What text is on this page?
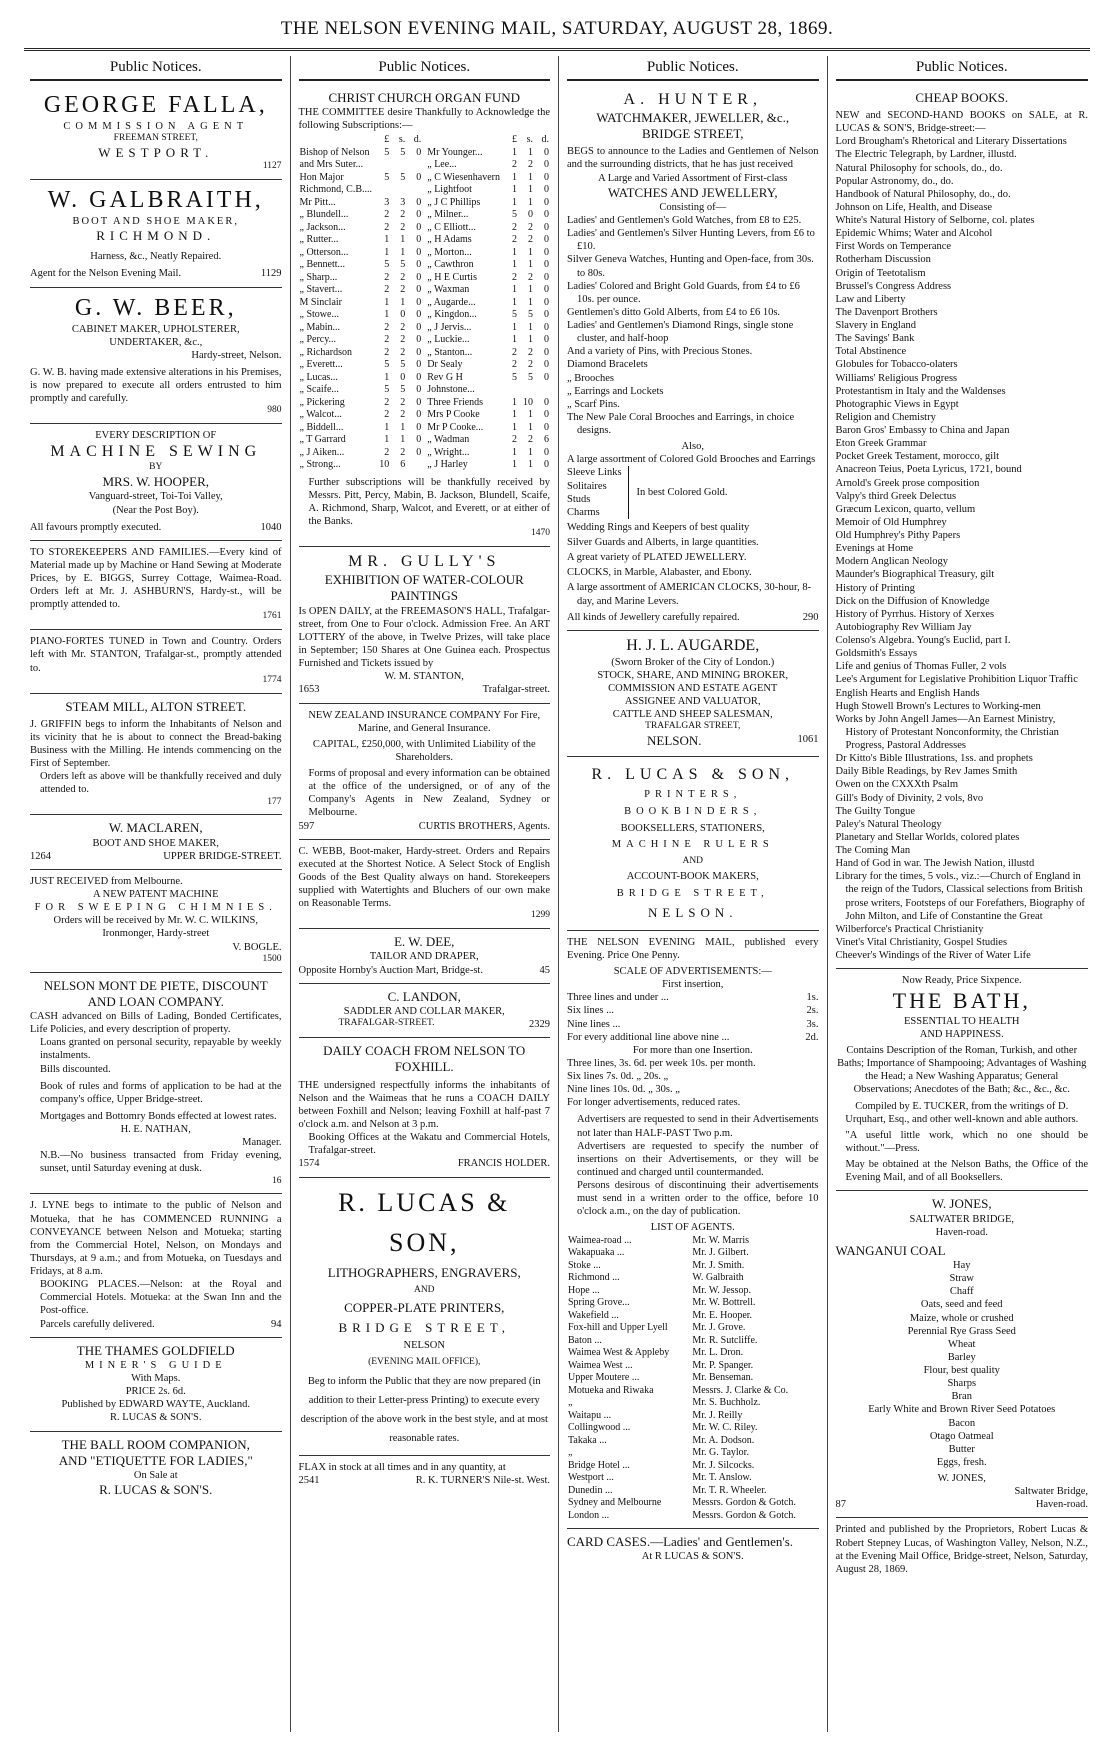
THE NELSON EVENING MAIL, SATURDAY, AUGUST 28, 1869.
Public Notices.
GEORGE FALLA,
COMMISSION AGENT
FREEMAN STREET,
WESTPORT.
1127
W. GALBRAITH,
BOOT AND SHOE MAKER,
RICHMOND.
Harness, &c., Neatly Repaired.
Agent for the Nelson Evening Mail.	1129
G. W. BEER,
CABINET MAKER, UPHOLSTERER,
UNDERTAKER, &c.,
Hardy-street, Nelson.
G. W. B. having made extensive alterations in his Premises, is now prepared to execute all orders entrusted to him promptly and carefully.
980
EVERY DESCRIPTION OF
MACHINE SEWING
BY
MRS. W. HOOPER,
Vanguard-street, Toi-Toi Valley,
(Near the Post Boy).
All favours promptly executed.	1040
TO STOREKEEPERS AND FAMILIES.—Every kind of Material made up by Machine or Hand Sewing at Moderate Prices, by E. BIGGS, Surrey Cottage, Waimea-Road. Orders left at Mr. J. ASHBURN'S, Hardy-st., will be promptly attended to.
1761
PIANO-FORTES TUNED in Town and Country. Orders left with Mr. STANTON, Trafalgar-st., promptly attended to.
1774
STEAM MILL, ALTON STREET.
J. GRIFFIN begs to inform the Inhabitants of Nelson and its vicinity that he is about to connect the Bread-baking Business with the Milling. He intends commencing on the First of September.
Orders left as above will be thankfully received and duly attended to.
177
W. MACLAREN,
BOOT AND SHOE MAKER,
1264	UPPER BRIDGE-STREET.
JUST RECEIVED from Melbourne.
A NEW PATENT MACHINE
FOR SWEEPING CHIMNIES.
Orders will be received by Mr. W. C. WILKINS, Ironmonger, Hardy-street
V. BOGLE.
1500
NELSON MONT DE PIETE, DISCOUNT AND LOAN COMPANY.
CASH advanced on Bills of Lading, Bonded Certificates, Life Policies, and every description of property.
Loans granted on personal security, repayable by weekly instalments.
Bills discounted.
Book of rules and forms of application to be had at the company's office, Upper Bridge-street.
Mortgages and Bottomry Bonds effected at lowest rates.
H. E. NATHAN,
Manager.
N.B.—No business transacted from Friday evening, sunset, until Saturday evening at dusk.
16
J. LYNE begs to intimate to the public of Nelson and Motueka, that he has COMMENCED RUNNING a CONVEYANCE between Nelson and Motueka; starting from the Commercial Hotel, Nelson, on Mondays and Thursdays, at 9 a.m.; and from Motueka, on Tuesdays and Fridays, at 8 a.m.
BOOKING PLACES.—Nelson: at the Royal and Commercial Hotels. Motueka: at the Swan Inn and the Post-office.
Parcels carefully delivered.	94
THE THAMES GOLDFIELD
MINER'S GUIDE
With Maps.
PRICE 2s. 6d.
Published by EDWARD WAYTE, Auckland.
R. LUCAS & SON'S.
THE BALL ROOM COMPANION,
AND "ETIQUETTE FOR LADIES,"
On Sale at
R. LUCAS & SON'S.
Public Notices.
CHRIST CHURCH ORGAN FUND
THE COMMITTEE desire Thankfully to Acknowledge the following Subscriptions:—
	£	s.	d.
Bishop of Nelson and Mrs Suter...	5	5	0
Hon Major Richmond, C.B....	5	5	0
Mr Pitt...	3	3	0
„ Blundell...	2	2	0
„ Jackson...	2	2	0
„ Rutter...	1	1	0
„ Otterson...	1	1	0
„ Bennett...	5	5	0
„ Sharp...	2	2	0
„ Stavert...	2	2	0
M Sinclair	1	1	0
„ Stowe...	1	0	0
„ Mabin...	2	2	0
„ Percy...	2	2	0
„ Richardson	2	2	0
„ Everett...	5	5	0
„ Lucas...	1	0	0
„ Scaife...	5	5	0
„ Pickering	2	2	0
„ Walcot...	2	2	0
„ Biddell...	1	1	0
„ T Garrard	1	1	0
„ J Aiken...	2	2	0
„ Strong...	10	6	
	£	s.	d.
Mr Younger...	1	1	0
„ Lee...	2	2	0
„ C Wiesenhavern	1	1	0
„ Lightfoot	1	1	0
„ J C Phillips	1	1	0
„ Milner...	5	0	0
„ C Elliott...	2	2	0
„ H Adams	2	2	0
„ Morton...	1	1	0
„ Cawthron	1	1	0
„ H E Curtis	2	2	0
„ Waxman	1	1	0
„ Augarde...	1	1	0
„ Kingdon...	5	5	0
„ J Jervis...	1	1	0
„ Luckie...	1	1	0
„ Stanton...	2	2	0
Dr Sealy	2	2	0
Rev G H Johnstone...	5	5	0
Three Friends	1	10	0
Mrs P Cooke	1	1	0
Mr P Cooke...	1	1	0
„ Wadman	2	2	6
„ Wright...	1	1	0
„ J Harley	1	1	0
Further subscriptions will be thankfully received by Messrs. Pitt, Percy, Mabin, B. Jackson, Blundell, Scaife, A. Richmond, Sharp, Walcot, and Everett, or at either of the Banks.
1470
MR. GULLY'S
EXHIBITION OF WATER-COLOUR PAINTINGS
Is OPEN DAILY, at the FREEMASON'S HALL, Trafalgar-street, from One to Four o'clock. Admission Free. An ART LOTTERY of the above, in Twelve Prizes, will take place in September; 150 Shares at One Guinea each. Prospectus Furnished and Tickets issued by
W. M. STANTON,
1653	Trafalgar-street.
NEW ZEALAND INSURANCE COMPANY For Fire, Marine, and General Insurance.
CAPITAL, £250,000, with Unlimited Liability of the Shareholders.
Forms of proposal and every information can be obtained at the office of the undersigned, or of any of the Company's Agents in New Zealand, Sydney or Melbourne.
597	CURTIS BROTHERS, Agents.
C. WEBB, Boot-maker, Hardy-street. Orders and Repairs executed at the Shortest Notice. A Select Stock of English Goods of the Best Quality always on hand. Storekeepers supplied with Watertights and Bluchers of our own make on Reasonable Terms.
1299
E. W. DEE,
TAILOR AND DRAPER,
Opposite Hornby's Auction Mart, Bridge-st.	45
C. LANDON,
SADDLER AND COLLAR MAKER,
TRAFALGAR-STREET.	2329
DAILY COACH FROM NELSON TO FOXHILL.
THE undersigned respectfully informs the inhabitants of Nelson and the Waimeas that he runs a COACH DAILY between Foxhill and Nelson; leaving Foxhill at half-past 7 o'clock a.m. and Nelson at 3 p.m.
Booking Offices at the Wakatu and Commercial Hotels, Trafalgar-street.
1574	FRANCIS HOLDER.
R. LUCAS & SON,
LITHOGRAPHERS, ENGRAVERS,
AND
COPPER-PLATE PRINTERS,
BRIDGE STREET,
NELSON
(EVENING MAIL OFFICE),
Beg to inform the Public that they are now prepared (in addition to their Letter-press Printing) to execute every description of the above work in the best style, and at most reasonable rates.
FLAX in stock at all times and in any quantity, at
2541	R. K. TURNER'S Nile-st. West.
Public Notices.
A. HUNTER,
WATCHMAKER, JEWELLER, &c.,
BRIDGE STREET,
BEGS to announce to the Ladies and Gentlemen of Nelson and the surrounding districts, that he has just received
A Large and Varied Assortment of First-class
WATCHES AND JEWELLERY,
Consisting of—
Ladies' and Gentlemen's Gold Watches, from £8 to £25.
Ladies' and Gentlemen's Silver Hunting Levers, from £6 to £10.
Silver Geneva Watches, Hunting and Open-face, from 30s. to 80s.
Ladies' Colored and Bright Gold Guards, from £4 to £6 10s. per ounce.
Gentlemen's ditto Gold Alberts, from £4 to £6 10s.
Ladies' and Gentlemen's Diamond Rings, single stone cluster, and half-hoop
And a variety of Pins, with Precious Stones.
Diamond Bracelets
„ Brooches
„ Earrings and Lockets
„ Scarf Pins.
The New Pale Coral Brooches and Earrings, in choice designs.
Also,
A large assortment of Colored Gold Brooches and Earrings
Sleeve Links
Solitaires
Studs
Charms
In best Colored Gold.
Wedding Rings and Keepers of best quality
Silver Guards and Alberts, in large quantities.
A great variety of PLATED JEWELLERY.
CLOCKS, in Marble, Alabaster, and Ebony.
A large assortment of AMERICAN CLOCKS, 30-hour, 8-day, and Marine Levers.
All kinds of Jewellery carefully repaired.	290
H. J. L. AUGARDE,
(Sworn Broker of the City of London.)
STOCK, SHARE, AND MINING BROKER,
COMMISSION AND ESTATE AGENT
ASSIGNEE AND VALUATOR,
CATTLE AND SHEEP SALESMAN,
TRAFALGAR STREET,
NELSON.	1061
R. LUCAS & SON,
PRINTERS,
BOOKBINDERS,
BOOKSELLERS, STATIONERS,
MACHINE RULERS
AND
ACCOUNT-BOOK MAKERS,
BRIDGE STREET,
NELSON.
THE NELSON EVENING MAIL, published every Evening. Price One Penny.
SCALE OF ADVERTISEMENTS:—
First insertion,
Three lines and under ...	1s.
Six lines ...	2s.
Nine lines ...	3s.
For every additional line above nine ...	2d.
For more than one Insertion.
Three lines, 3s. 6d. per week 10s. per month.
Six lines 7s. 0d. „ 20s. „
Nine lines 10s. 0d. „ 30s. „
For longer advertisements, reduced rates.
Advertisers are requested to send in their Advertisements not later than HALF-PAST Two p.m.
Advertisers are requested to specify the number of insertions on their Advertisements, or they will be continued and charged until countermanded.
Persons desirous of discontinuing their advertisements must send in a written order to the office, before 10 o'clock a.m., on the day of publication.
LIST OF AGENTS.
Waimea-road ...	Mr. W. Marris
Wakapuaka ...	Mr. J. Gilbert.
Stoke ...	Mr. J. Smith.
Richmond ...	W. Galbraith
Hope ...	Mr. W. Jessop.
Spring Grove...	Mr. W. Bottrell.
Wakefield ...	Mr. E. Hooper.
Fox-hill and Upper Lyell	Mr. J. Grove.
Baton ...	Mr. R. Sutcliffe.
Waimea West & Appleby	Mr. L. Dron.
Waimea West ...	Mr. P. Spanger.
Upper Moutere ...	Mr. Benseman.
Motueka and Riwaka	Messrs. J. Clarke & Co.
„	Mr. S. Buchholz.
Waitapu ...	Mr. J. Reilly
Collingwood ...	Mr. W. C. Riley.
Takaka ...	Mr. A. Dodson.
„	Mr. G. Taylor.
Bridge Hotel ...	Mr. J. Silcocks.
Westport ...	Mr. T. Anslow.
Dunedin ...	Mr. T. R. Wheeler.
Sydney and Melbourne	Messrs. Gordon & Gotch.
London ...	Messrs. Gordon & Gotch.
CARD CASES.—Ladies' and Gentlemen's.
At R LUCAS & SON'S.
Public Notices.
CHEAP BOOKS.
NEW and SECOND-HAND BOOKS on SALE, at R. LUCAS & SON'S, Bridge-street:—
Lord Brougham's Rhetorical and Literary Dissertations
The Electric Telegraph, by Lardner, illustd.
Natural Philosophy for schools, do., do.
Popular Astronomy, do., do.
Handbook of Natural Philosophy, do., do.
Johnson on Life, Health, and Disease
White's Natural History of Selborne, col. plates
Epidemic Whims; Water and Alcohol
First Words on Temperance
Rotherham Discussion
Origin of Teetotalism
Brussel's Congress Address
Law and Liberty
The Davenport Brothers
Slavery in England
The Savings' Bank
Total Abstinence
Globules for Tobacco-olaters
Williams' Religious Progress
Protestantism in Italy and the Waldenses
Photographic Views in Egypt
Religion and Chemistry
Baron Gros' Embassy to China and Japan
Eton Greek Grammar
Pocket Greek Testament, morocco, gilt
Anacreon Teius, Poeta Lyricus, 1721, bound
Arnold's Greek prose composition
Valpy's third Greek Delectus
Græcum Lexicon, quarto, vellum
Memoir of Old Humphrey
Old Humphrey's Pithy Papers
Evenings at Home
Modern Anglican Neology
Maunder's Biographical Treasury, gilt
History of Printing
Dick on the Diffusion of Knowledge
History of Pyrrhus. History of Xerxes
Autobiography Rev William Jay
Colenso's Algebra. Young's Euclid, part I.
Goldsmith's Essays
Life and genius of Thomas Fuller, 2 vols
Lee's Argument for Legislative Prohibition Liquor Traffic
English Hearts and English Hands
Hugh Stowell Brown's Lectures to Working-men
Works by John Angell James—An Earnest Ministry, History of Protestant Nonconformity, the Christian Progress, Pastoral Addresses
Dr Kitto's Bible Illustrations, 1ss. and prophets
Daily Bible Readings, by Rev James Smith
Owen on the CXXXth Psalm
Gill's Body of Divinity, 2 vols, 8vo
The Guilty Tongue
Paley's Natural Theology
Planetary and Stellar Worlds, colored plates
The Coming Man
Hand of God in war. The Jewish Nation, illustd
Library for the times, 5 vols., viz.:—Church of England in the reign of the Tudors, Classical selections from British prose writers, Footsteps of our Forefathers, Biography of John Milton, and Life of Constantine the Great
Wilberforce's Practical Christianity
Vinet's Vital Christianity, Gospel Studies
Cheever's Windings of the River of Water Life
Now Ready, Price Sixpence.
THE BATH,
ESSENTIAL TO HEALTH
AND HAPPINESS.
Contains Description of the Roman, Turkish, and other Baths; Importance of Shampooing; Advantages of Washing the Head; a New Washing Apparatus; General Observations; Anecdotes of the Bath; &c., &c., &c.
Compiled by E. TUCKER, from the writings of D. Urquhart, Esq., and other well-known and able authors.
"A useful little work, which no one should be without."—Press.
May be obtained at the Nelson Baths, the Office of the Evening Mail, and of all Booksellers.
W. JONES,
SALTWATER BRIDGE,
Haven-road.
WANGANUI COAL
Hay
Straw
Chaff
Oats, seed and feed
Maize, whole or crushed
Perennial Rye Grass Seed
Wheat
Barley
Flour, best quality
Sharps
Bran
Early White and Brown River Seed Potatoes
Bacon
Otago Oatmeal
Butter
Eggs, fresh.
W. JONES,
Saltwater Bridge,
87	Haven-road.
Printed and published by the Proprietors, Robert Lucas & Robert Stepney Lucas, of Washington Valley, Nelson, N.Z., at the Evening Mail Office, Bridge-street, Nelson, Saturday, August 28, 1869.
